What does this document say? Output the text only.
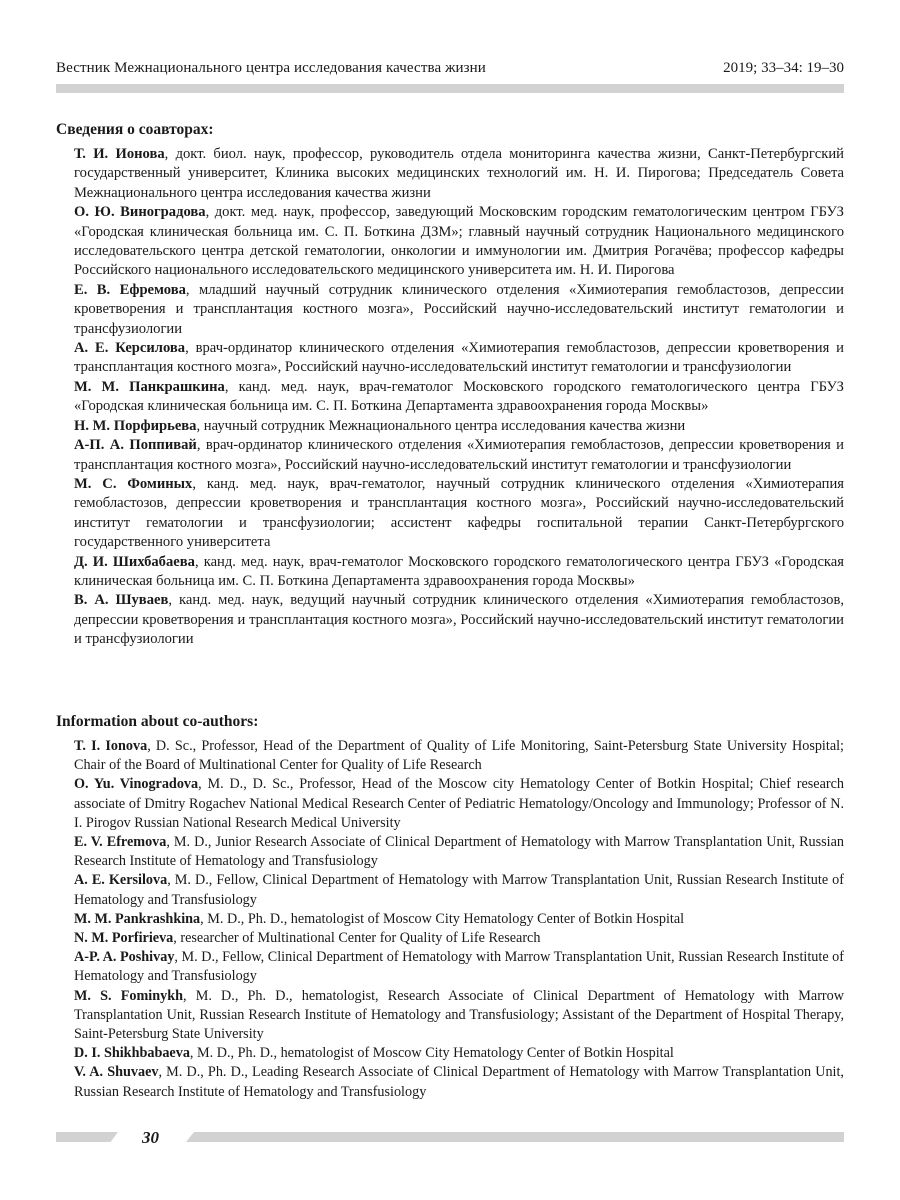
Вестник Межнационального центра исследования качества жизни	2019; 33–34: 19–30
Сведения о соавторах:

Т. И. Ионова, докт. биол. наук, профессор, руководитель отдела мониторинга качества жизни, Санкт-Петербургский государственный университет, Клиника высоких медицинских технологий им. Н. И. Пирогова; Председатель Совета Межнационального центра исследования качества жизни

О. Ю. Виноградова, докт. мед. наук, профессор, заведующий Московским городским гематологическим центром ГБУЗ «Городская клиническая больница им. С. П. Боткина ДЗМ»; главный научный сотрудник Национального медицинского исследовательского центра детской гематологии, онкологии и иммунологии им. Дмитрия Рогачёва; профессор кафедры Российского национального исследовательского медицинского университета им. Н. И. Пирогова

Е. В. Ефремова, младший научный сотрудник клинического отделения «Химиотерапия гемобластозов, депрессии кроветворения и трансплантация костного мозга», Российский научно-исследовательский институт гематологии и трансфузиологии

А. Е. Керсилова, врач-ординатор клинического отделения «Химиотерапия гемобластозов, депрессии кроветворения и трансплантация костного мозга», Российский научно-исследовательский институт гематологии и трансфузиологии

М. М. Панкрашкина, канд. мед. наук, врач-гематолог Московского городского гематологического центра ГБУЗ «Городская клиническая больница им. С. П. Боткина Департамента здравоохранения города Москвы»

Н. М. Порфирьева, научный сотрудник Межнационального центра исследования качества жизни

А-П. А. Поппивай, врач-ординатор клинического отделения «Химиотерапия гемобластозов, депрессии кроветворения и трансплантация костного мозга», Российский научно-исследовательский институт гематологии и трансфузиологии

М. С. Фоминых, канд. мед. наук, врач-гематолог, научный сотрудник клинического отделения «Химиотерапия гемобластозов, депрессии кроветворения и трансплантация костного мозга», Российский научно-исследовательский институт гематологии и трансфузиологии; ассистент кафедры госпитальной терапии Санкт-Петербургского государственного университета

Д. И. Шихбабаева, канд. мед. наук, врач-гематолог Московского городского гематологического центра ГБУЗ «Городская клиническая больница им. С. П. Боткина Департамента здравоохранения города Москвы»

В. А. Шуваев, канд. мед. наук, ведущий научный сотрудник клинического отделения «Химиотерапия гемобластозов, депрессии кроветворения и трансплантация костного мозга», Российский научно-исследовательский институт гематологии и трансфузиологии

Information about co-authors:

T. I. Ionova, D. Sc., Professor, Head of the Department of Quality of Life Monitoring, Saint-Petersburg State University Hospital; Chair of the Board of Multinational Center for Quality of Life Research

O. Yu. Vinogradova, M. D., D. Sc., Professor, Head of the Moscow city Hematology Center of Botkin Hospital; Chief research associate of Dmitry Rogachev National Medical Research Center of Pediatric Hematology/Oncology and Immunology; Professor of N. I. Pirogov Russian National Research Medical University

E. V. Efremova, M. D., Junior Research Associate of Clinical Department of Hematology with Marrow Transplantation Unit, Russian Research Institute of Hematology and Transfusiology

A. E. Kersilova, M. D., Fellow, Clinical Department of Hematology with Marrow Transplantation Unit, Russian Research Institute of Hematology and Transfusiology

M. M. Pankrashkina, M. D., Ph. D., hematologist of Moscow City Hematology Center of Botkin Hospital

N. M. Porfirieva, researcher of Multinational Center for Quality of Life Research

A-P. A. Poshivay, M. D., Fellow, Clinical Department of Hematology with Marrow Transplantation Unit, Russian Research Institute of Hematology and Transfusiology

M. S. Fominykh, M. D., Ph. D., hematologist, Research Associate of Clinical Department of Hematology with Marrow Transplantation Unit, Russian Research Institute of Hematology and Transfusiology; Assistant of the Department of Hospital Therapy, Saint-Petersburg State University

D. I. Shikhbabaeva, M. D., Ph. D., hematologist of Moscow City Hematology Center of Botkin Hospital

V. A. Shuvaev, M. D., Ph. D., Leading Research Associate of Clinical Department of Hematology with Marrow Transplantation Unit, Russian Research Institute of Hematology and Transfusiology

30
